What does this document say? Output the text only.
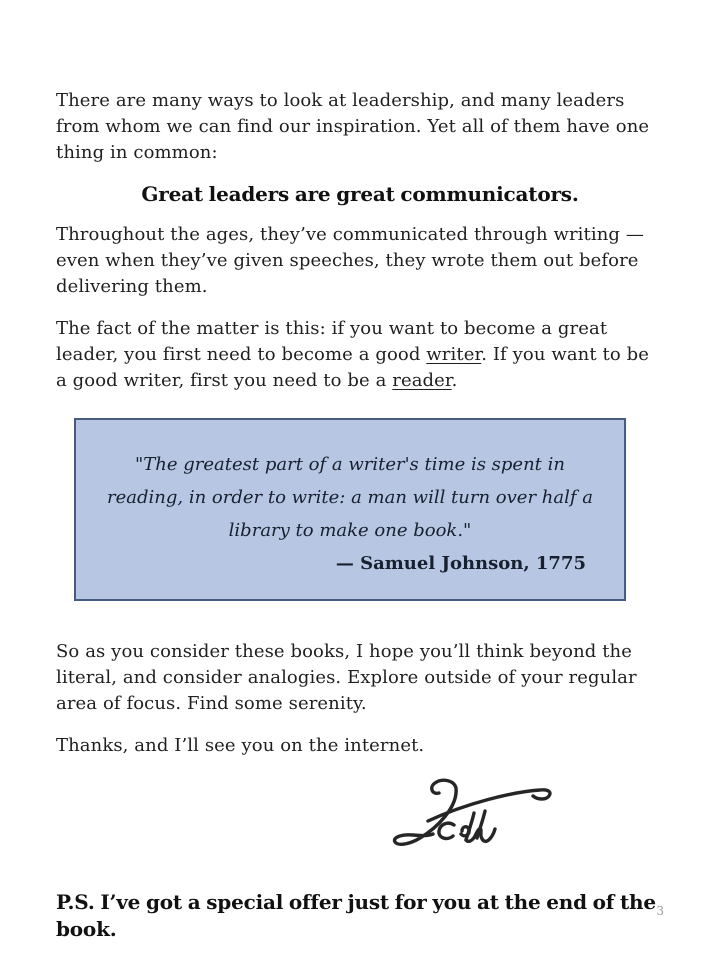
There are many ways to look at leadership, and many leaders from whom we can find our inspiration. Yet all of them have one thing in common:

Great leaders are great communicators.

Throughout the ages, they’ve communicated through writing — even when they’ve given speeches, they wrote them out before delivering them.

The fact of the matter is this: if you want to become a great leader, you first need to become a good writer. If you want to be a good writer, first you need to be a reader.

"The greatest part of a writer's time is spent in reading, in order to write: a man will turn over half a library to make one book."
— Samuel Johnson, 1775

So as you consider these books, I hope you’ll think beyond the literal, and consider analogies. Explore outside of your regular area of focus. Find some serenity.

Thanks, and I’ll see you on the internet.

P.S. I’ve got a special offer just for you at the end of the book.

3
